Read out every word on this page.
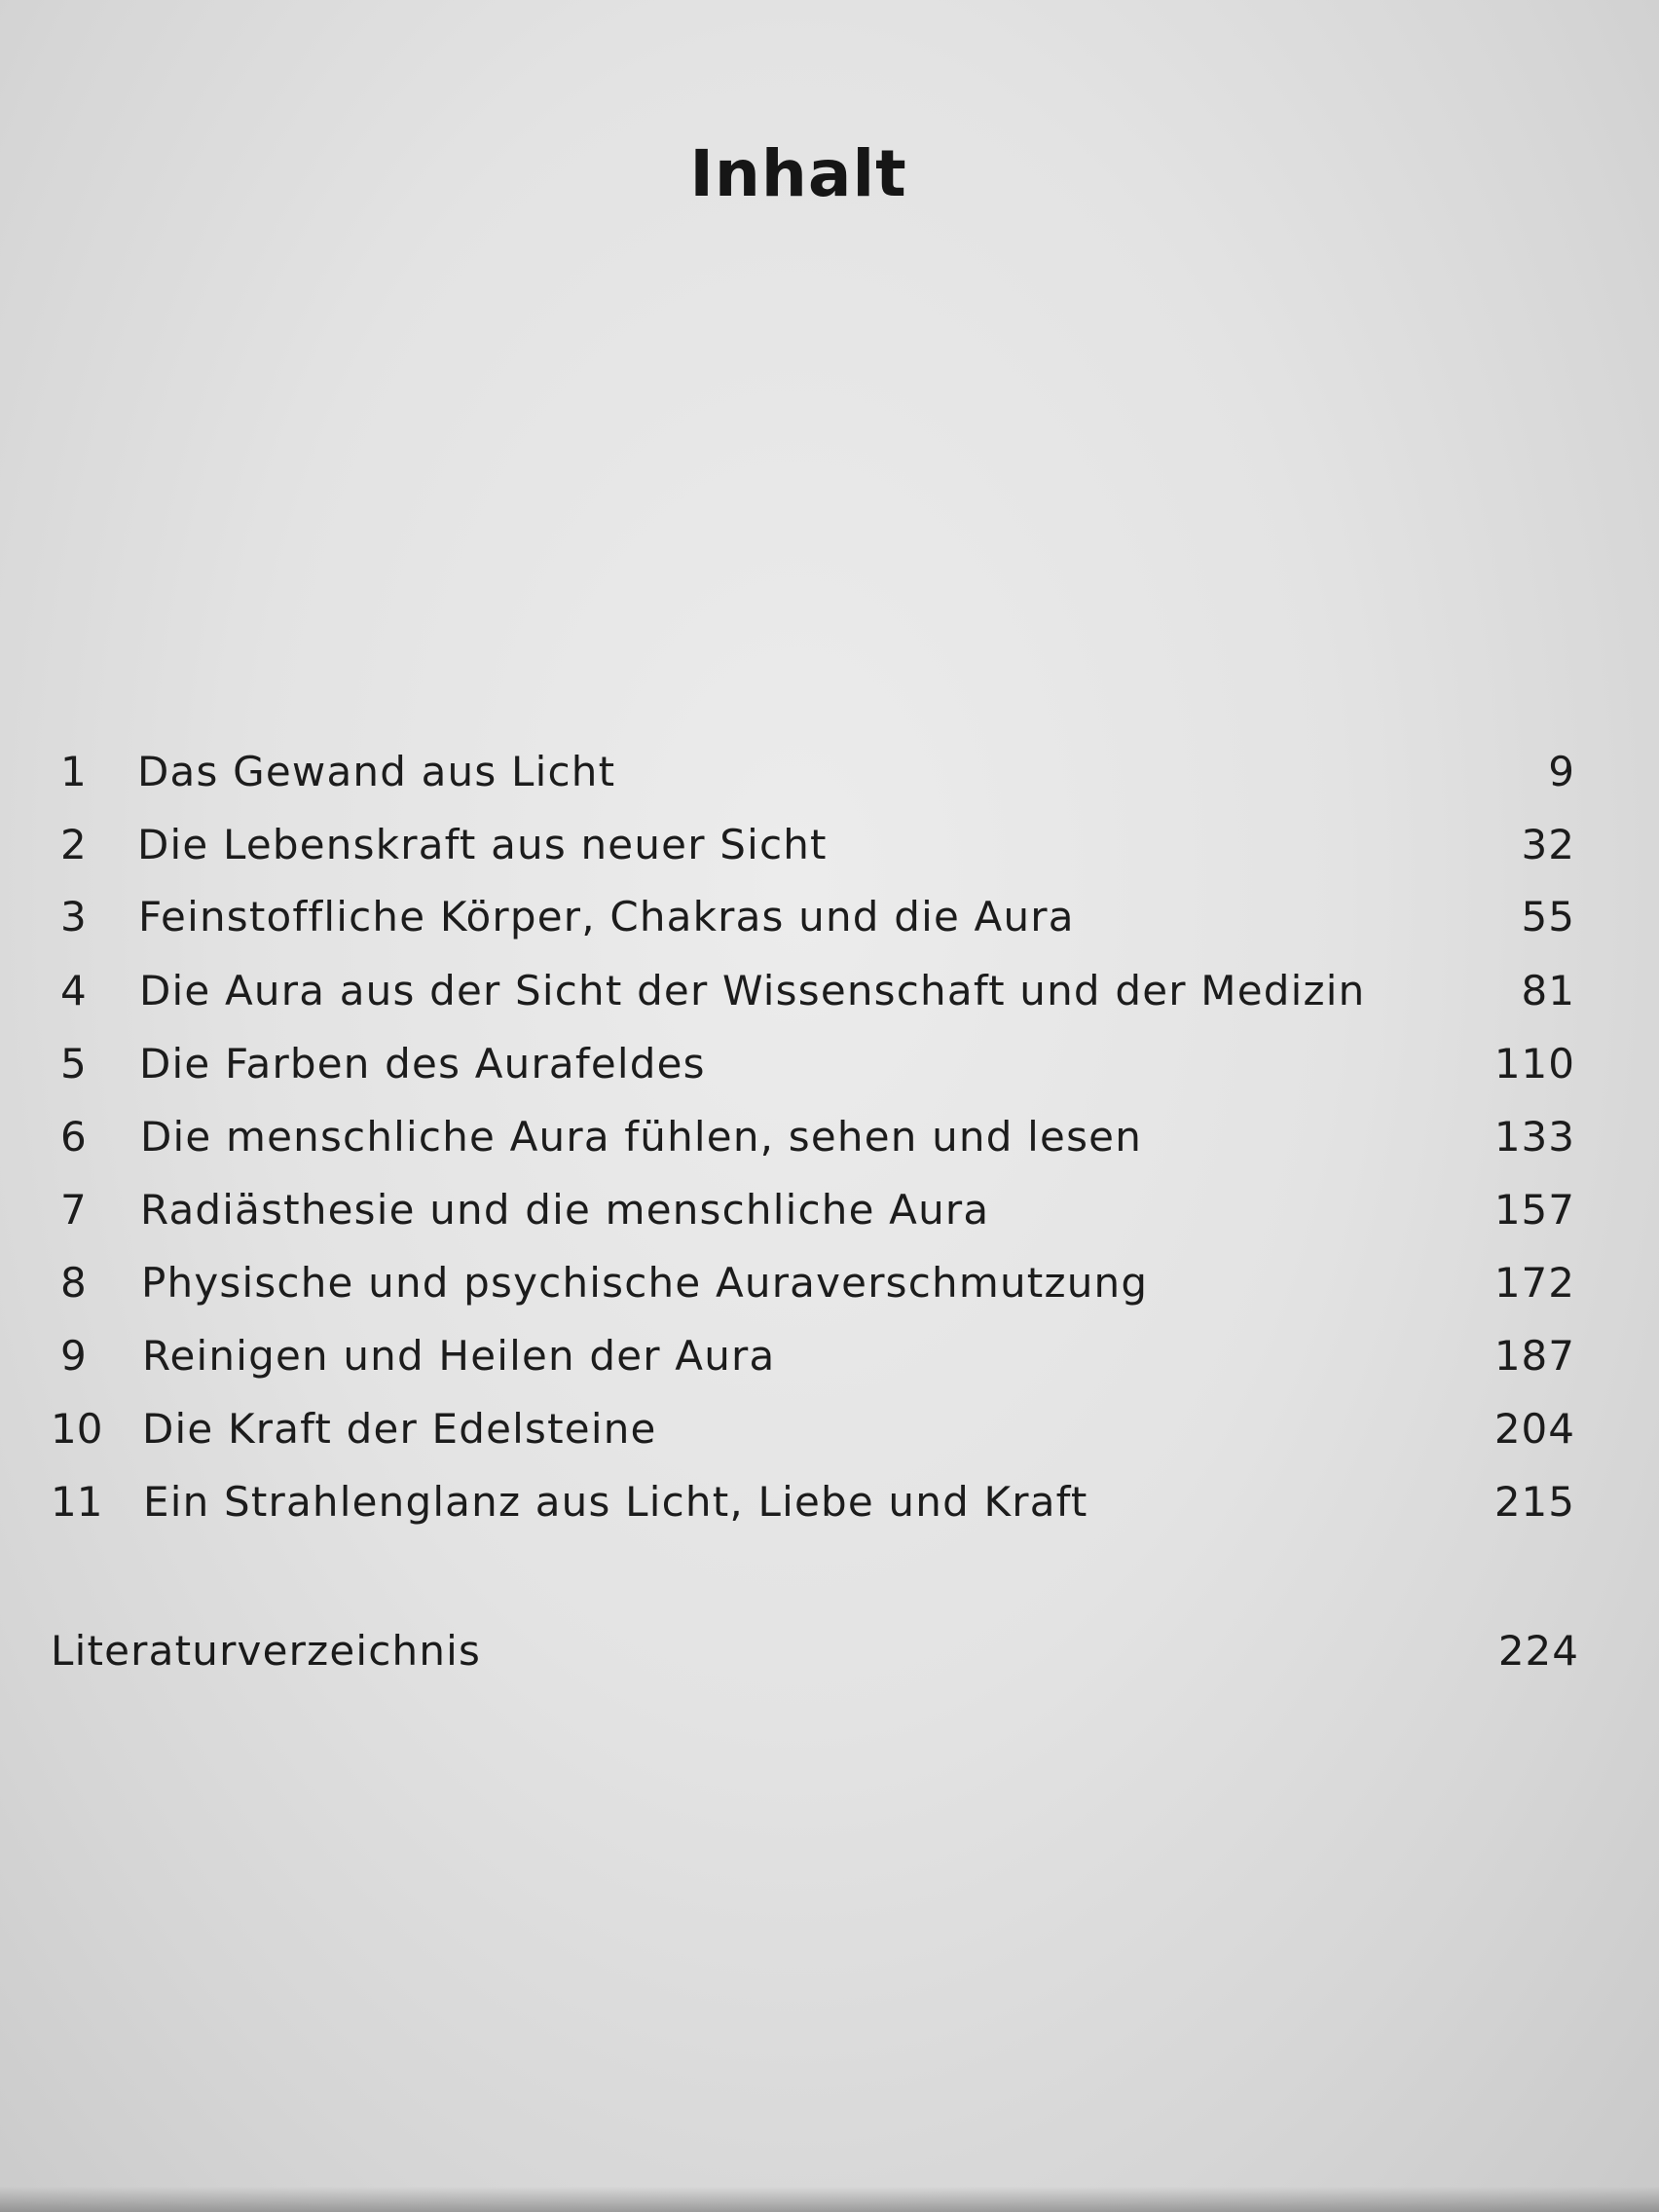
Inhalt
1	Das Gewand aus Licht	9
2	Die Lebenskraft aus neuer Sicht	32
3	Feinstoffliche Körper, Chakras und die Aura	55
4	Die Aura aus der Sicht der Wissenschaft und der Medizin	81
5	Die Farben des Aurafeldes	110
6	Die menschliche Aura fühlen, sehen und lesen	133
7	Radiästhesie und die menschliche Aura	157
8	Physische und psychische Auraverschmutzung	172
9	Reinigen und Heilen der Aura	187
10 Die Kraft der Edelsteine	204
11 Ein Strahlenglanz aus Licht, Liebe und Kraft	215
Literaturverzeichnis	224
